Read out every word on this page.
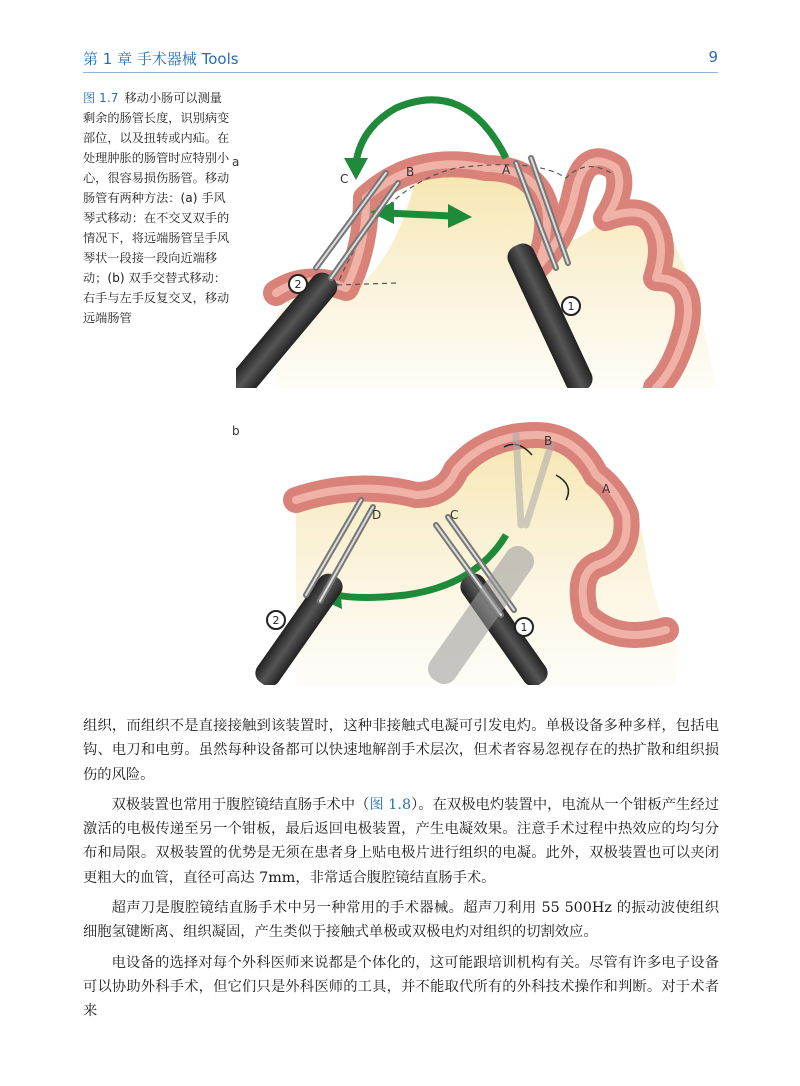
第 1 章 手术器械 Tools	9
图 1.7 移动小肠可以测量剩余的肠管长度，识别病变部位，以及扭转或内疝。在处理肿胀的肠管时应特别小心，很容易损伤肠管。移动肠管有两种方法：(a) 手风琴式移动：在不交叉双手的情况下，将远端肠管呈手风琴状一段接一段向近端移动；(b) 双手交替式移动：右手与左手反复交叉，移动远端肠管
a
2
1
A
B
C
b
2
1
A
B
C
D

组织，而组织不是直接接触到该装置时，这种非接触式电凝可引发电灼。单极设备多种多样，包括电钩、电刀和电剪。虽然每种设备都可以快速地解剖手术层次，但术者容易忽视存在的热扩散和组织损伤的风险。

双极装置也常用于腹腔镜结直肠手术中（图 1.8）。在双极电灼装置中，电流从一个钳板产生经过激活的电极传递至另一个钳板，最后返回电极装置，产生电凝效果。注意手术过程中热效应的均匀分布和局限。双极装置的优势是无须在患者身上贴电极片进行组织的电凝。此外，双极装置也可以夹闭更粗大的血管，直径可高达 7mm，非常适合腹腔镜结直肠手术。

超声刀是腹腔镜结直肠手术中另一种常用的手术器械。超声刀利用 55 500Hz 的振动波使组织细胞氢键断离、组织凝固，产生类似于接触式单极或双极电灼对组织的切割效应。

电设备的选择对每个外科医师来说都是个体化的，这可能跟培训机构有关。尽管有许多电子设备可以协助外科手术，但它们只是外科医师的工具，并不能取代所有的外科技术操作和判断。对于术者来
